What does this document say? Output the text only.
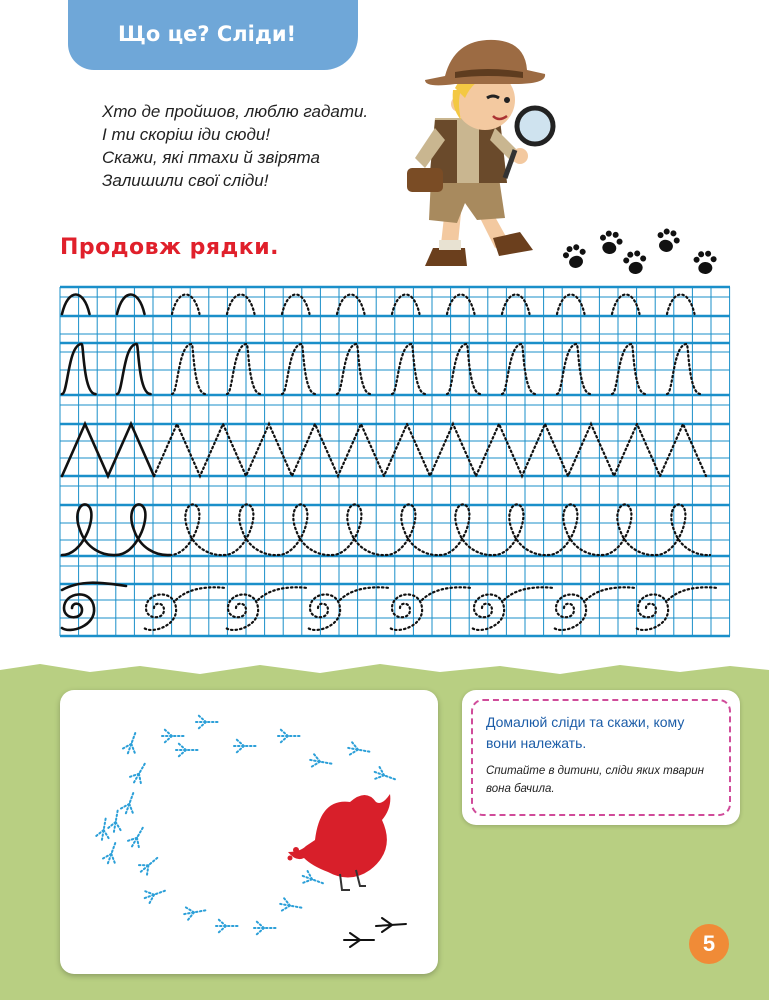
Що це? Сліди!
Хто де пройшов, люблю гадати.
І ти скоріш іди сюди!
Скажи, які птахи й звірята
Залишили свої сліди!
Продовж рядки.
Домалюй сліди та скажи, кому
вони належать.
Спитайте в дитини, сліди яких тварин
вона бачила.
5
